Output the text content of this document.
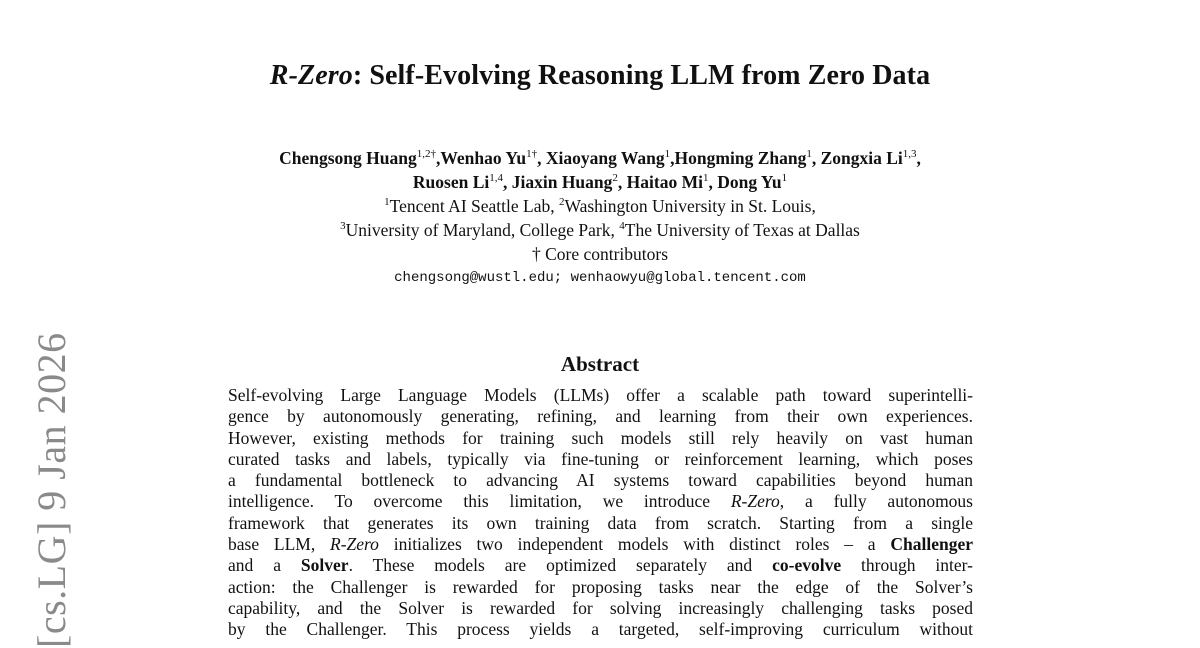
[cs.LG] 9 Jan 2026
R-Zero: Self-Evolving Reasoning LLM from Zero Data
Chengsong Huang$^{1,2\dagger}$,Wenhao $Yu^{1\dagger}$, Xiaoyang Wang$^1$,Hongming Zhang$^1$, Zongxia Li$^{1,3}$,
Ruosen Li$^{1,4}$, Jiaxin Huang$^2$, Haitao Mi$^1$, Dong Yu$^1$
$^1$Tencent AI Seattle Lab, $^2$Washington University in St. Louis,
$^3$University of Maryland, College Park, $^4$The University of Texas at Dallas
† Core contributors
chengsong@wustl.edu; wenhaowyu@global.tencent.com
Abstract
Self-evolving Large Language Models (LLMs) offer a scalable path toward superintelli-
gence by autonomously generating, refining, and learning from their own experiences.
However, existing methods for training such models still rely heavily on vast human
curated tasks and labels, typically via fine-tuning or reinforcement learning, which poses
a fundamental bottleneck to advancing AI systems toward capabilities beyond human
intelligence. To overcome this limitation, we introduce R-Zero, a fully autonomous
framework that generates its own training data from scratch. Starting from a single
base LLM, R-Zero initializes two independent models with distinct roles – a Challenger
and a Solver. These models are optimized separately and co-evolve through inter-
action: the Challenger is rewarded for proposing tasks near the edge of the Solver’s
capability, and the Solver is rewarded for solving increasingly challenging tasks posed
by the Challenger. This process yields a targeted, self-improving curriculum without
